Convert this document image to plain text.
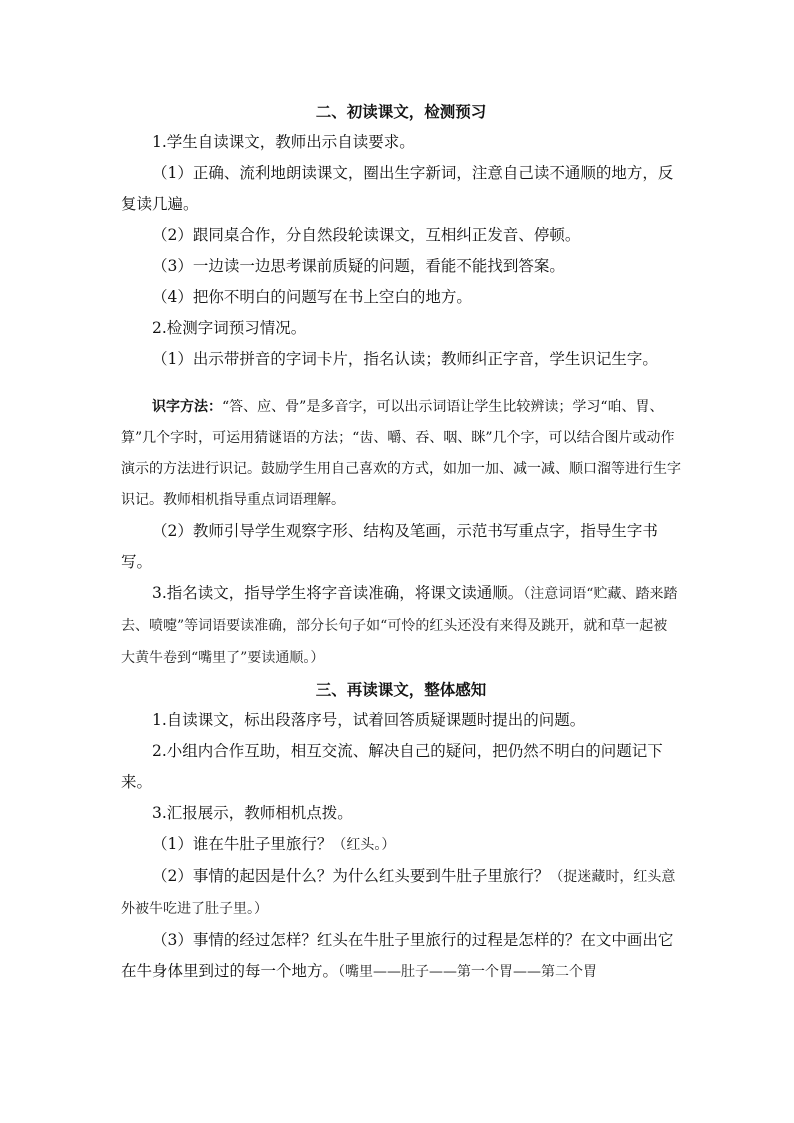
二、初读课文，检测预习

1.学生自读课文，教师出示自读要求。

（1）正确、流利地朗读课文，圈出生字新词，注意自己读不通顺的地方，反复读几遍。

（2）跟同桌合作，分自然段轮读课文，互相纠正发音、停顿。

（3）一边读一边思考课前质疑的问题，看能不能找到答案。

（4）把你不明白的问题写在书上空白的地方。

2.检测字词预习情况。

（1）出示带拼音的字词卡片，指名认读；教师纠正字音，学生识记生字。

识字方法：“答、应、骨”是多音字，可以出示词语让学生比较辨读；学习“咱、胃、算”几个字时，可运用猜谜语的方法；“齿、嚼、吞、咽、眯”几个字，可以结合图片或动作演示的方法进行识记。鼓励学生用自己喜欢的方式，如加一加、减一减、顺口溜等进行生字识记。教师相机指导重点词语理解。

（2）教师引导学生观察字形、结构及笔画，示范书写重点字，指导生字书写。

3.指名读文，指导学生将字音读准确，将课文读通顺。（注意词语“贮藏、踏来踏去、喷嚏”等词语要读准确，部分长句子如“可怜的红头还没有来得及跳开，就和草一起被大黄牛卷到“嘴里了”要读通顺。）

三、再读课文，整体感知

1.自读课文，标出段落序号，试着回答质疑课题时提出的问题。

2.小组内合作互助，相互交流、解决自己的疑问，把仍然不明白的问题记下来。

3.汇报展示，教师相机点拨。

（1）谁在牛肚子里旅行？（红头。）

（2）事情的起因是什么？为什么红头要到牛肚子里旅行？（捉迷藏时，红头意外被牛吃进了肚子里。）

（3）事情的经过怎样？红头在牛肚子里旅行的过程是怎样的？在文中画出它在牛身体里到过的每一个地方。（嘴里——肚子——第一个胃——第二个胃
